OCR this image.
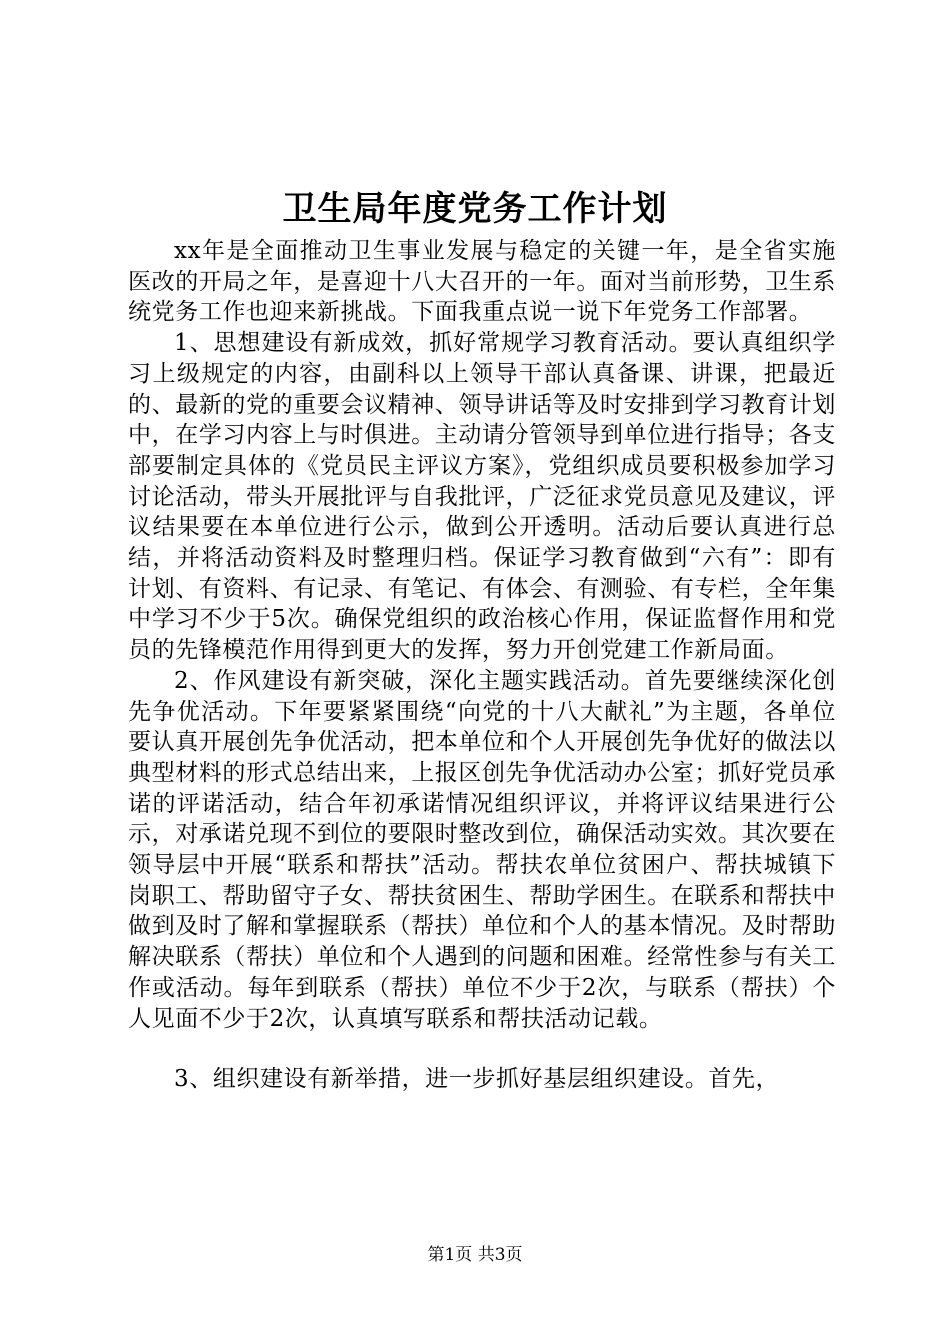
卫生局年度党务工作计划

xx年是全面推动卫生事业发展与稳定的关键一年，是全省实施医改的开局之年，是喜迎十八大召开的一年。面对当前形势，卫生系统党务工作也迎来新挑战。下面我重点说一说下年党务工作部署。

1、思想建设有新成效，抓好常规学习教育活动。要认真组织学习上级规定的内容，由副科以上领导干部认真备课、讲课，把最近的、最新的党的重要会议精神、领导讲话等及时安排到学习教育计划中，在学习内容上与时俱进。主动请分管领导到单位进行指导；各支部要制定具体的《党员民主评议方案》，党组织成员要积极参加学习讨论活动，带头开展批评与自我批评，广泛征求党员意见及建议，评议结果要在本单位进行公示，做到公开透明。活动后要认真进行总结，并将活动资料及时整理归档。保证学习教育做到“六有”：即有计划、有资料、有记录、有笔记、有体会、有测验、有专栏，全年集中学习不少于5次。确保党组织的政治核心作用，保证监督作用和党员的先锋模范作用得到更大的发挥，努力开创党建工作新局面。

2、作风建设有新突破，深化主题实践活动。首先要继续深化创先争优活动。下年要紧紧围绕“向党的十八大献礼”为主题，各单位要认真开展创先争优活动，把本单位和个人开展创先争优好的做法以典型材料的形式总结出来，上报区创先争优活动办公室；抓好党员承诺的评诺活动，结合年初承诺情况组织评议，并将评议结果进行公示，对承诺兑现不到位的要限时整改到位，确保活动实效。其次要在领导层中开展“联系和帮扶”活动。帮扶农单位贫困户、帮扶城镇下岗职工、帮助留守子女、帮扶贫困生、帮助学困生。在联系和帮扶中做到及时了解和掌握联系（帮扶）单位和个人的基本情况。及时帮助解决联系（帮扶）单位和个人遇到的问题和困难。经常性参与有关工作或活动。每年到联系（帮扶）单位不少于2次，与联系（帮扶）个人见面不少于2次，认真填写联系和帮扶活动记载。

3、组织建设有新举措，进一步抓好基层组织建设。首先，

第1页 共3页
